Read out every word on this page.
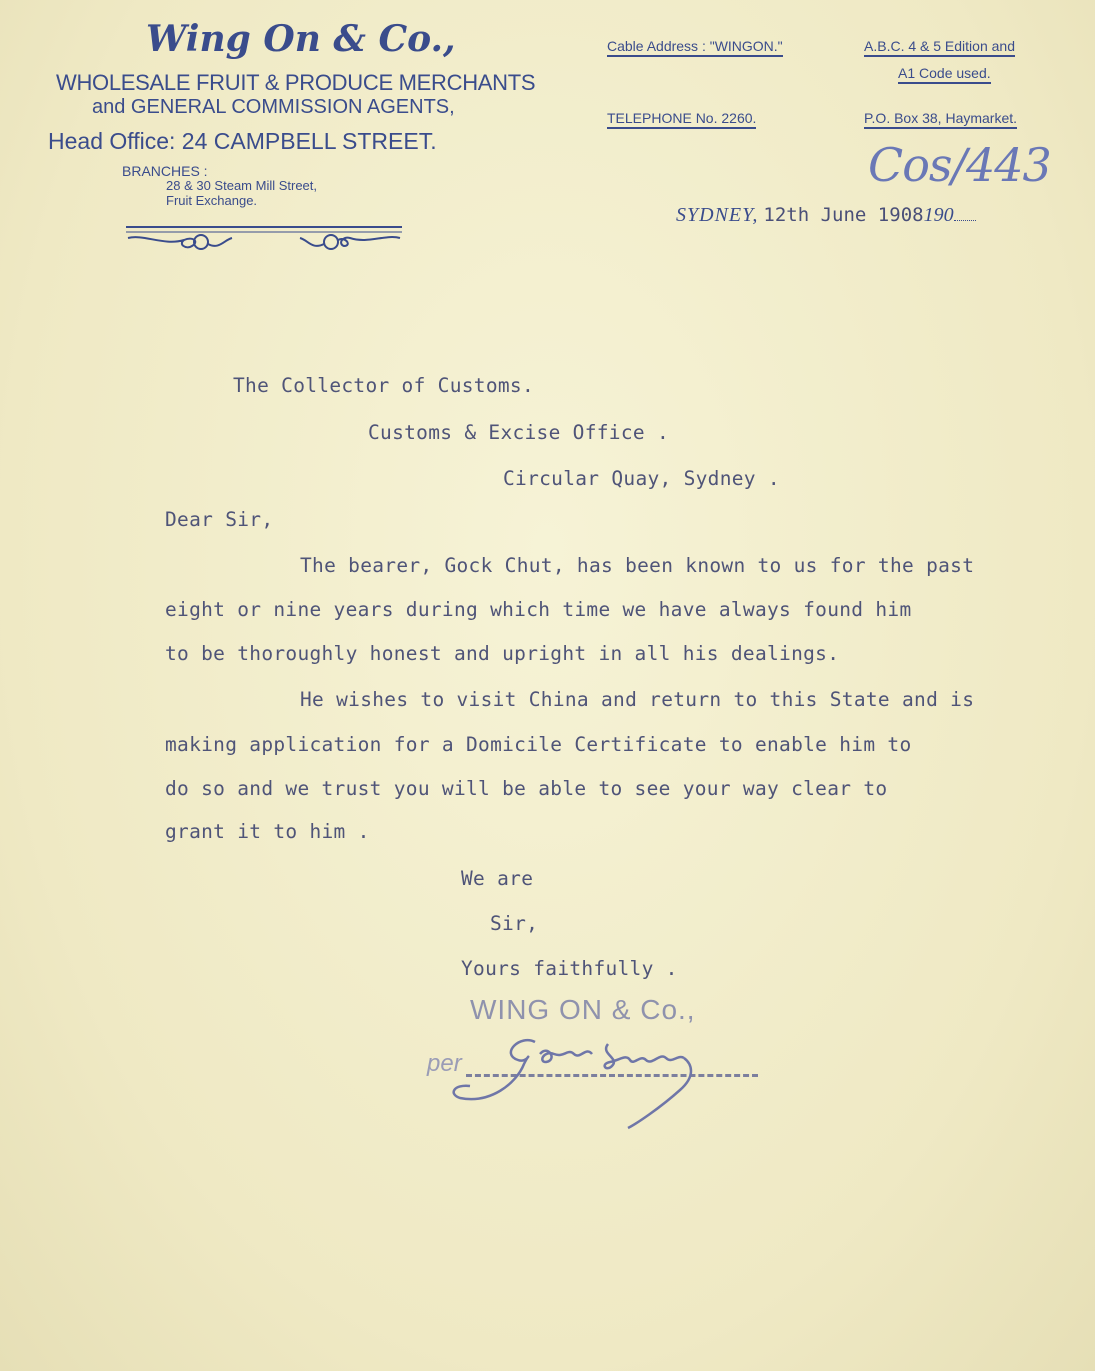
Wing On & Co.,
WHOLESALE FRUIT & PRODUCE MERCHANTS
and GENERAL COMMISSION AGENTS,
Head Office: 24 CAMPBELL STREET.
BRANCHES :
28 & 30 Steam Mill Street,
Fruit Exchange.
Cable Address : "WINGON."	A.B.C. 4 & 5 Edition and
A1 Code used.
TELEPHONE No. 2260.	P.O. Box 38, Haymarket.
Cos/443
SYDNEY, 12th June 1908190
The Collector of Customs.
Customs & Excise Office .
Circular Quay, Sydney .
Dear Sir,
The bearer, Gock Chut, has been known to us for the past
eight or nine years during which time we have always found him
to be thoroughly honest and upright in all his dealings.
He wishes to visit China and return to this State and is
making application for a Domicile Certificate to enable him to
do so and we trust you will be able to see your way clear to
grant it to him .
We are
Sir,
Yours faithfully .
WING ON & Co.,
per
